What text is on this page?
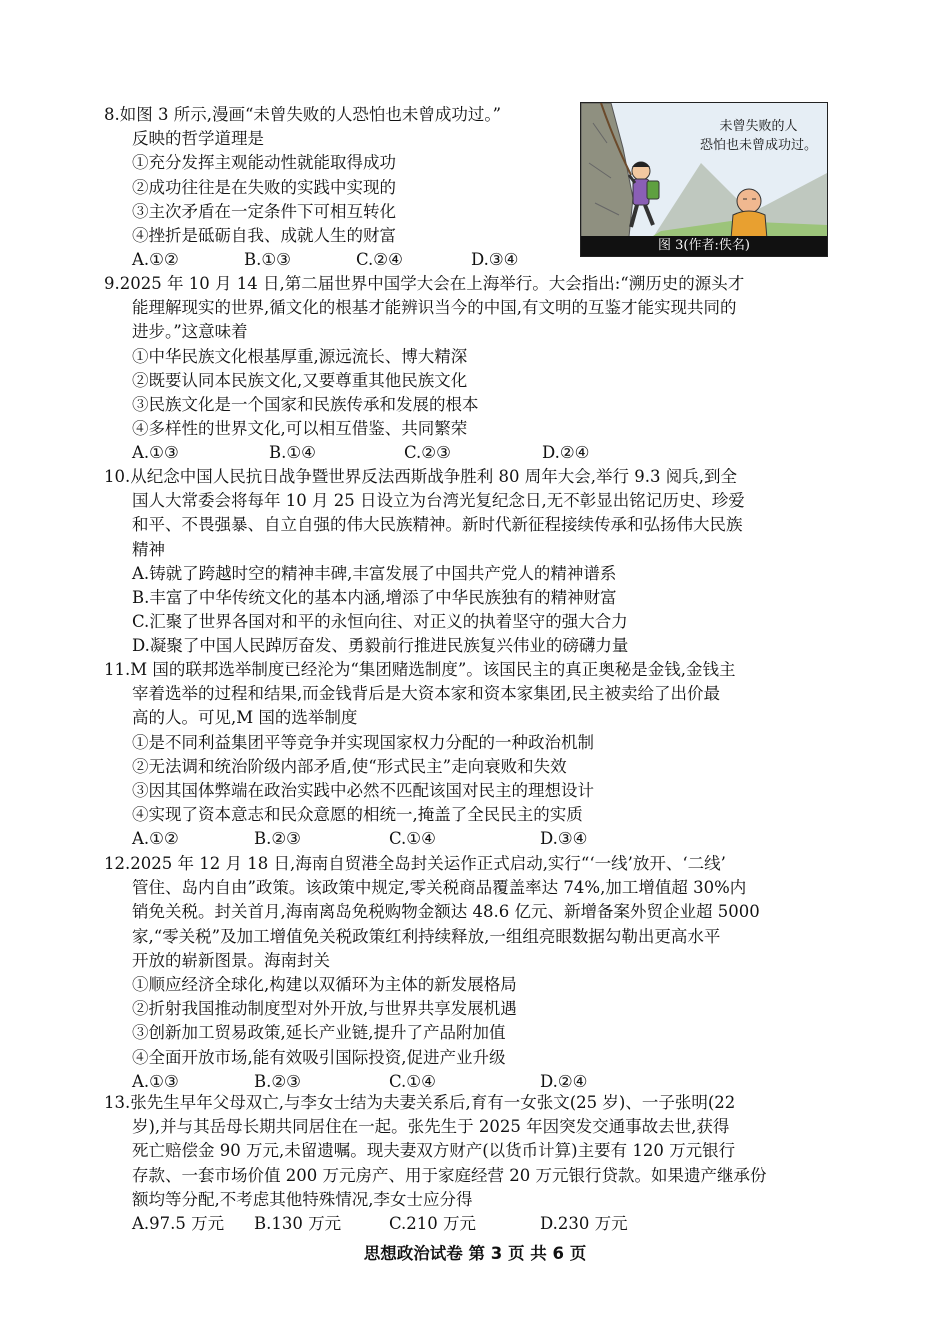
8.如图 3 所示,漫画“未曾失败的人恐怕也未曾成功过。”
反映的哲学道理是
①充分发挥主观能动性就能取得成功
②成功往往是在失败的实践中实现的
③主次矛盾在一定条件下可相互转化
④挫折是砥砺自我、成就人生的财富
A.①②	B.①③	C.②④	D.③④
未曾失败的人
恐怕也未曾成功过。
图 3(作者:佚名)
9.2025 年 10 月 14 日,第二届世界中国学大会在上海举行。大会指出:“溯历史的源头才
能理解现实的世界,循文化的根基才能辨识当今的中国,有文明的互鉴才能实现共同的
进步。”这意味着
①中华民族文化根基厚重,源远流长、博大精深
②既要认同本民族文化,又要尊重其他民族文化
③民族文化是一个国家和民族传承和发展的根本
④多样性的世界文化,可以相互借鉴、共同繁荣
A.①③	B.①④	C.②③	D.②④
10.从纪念中国人民抗日战争暨世界反法西斯战争胜利 80 周年大会,举行 9.3 阅兵,到全
国人大常委会将每年 10 月 25 日设立为台湾光复纪念日,无不彰显出铭记历史、珍爱
和平、不畏强暴、自立自强的伟大民族精神。新时代新征程接续传承和弘扬伟大民族
精神
A.铸就了跨越时空的精神丰碑,丰富发展了中国共产党人的精神谱系
B.丰富了中华传统文化的基本内涵,增添了中华民族独有的精神财富
C.汇聚了世界各国对和平的永恒向往、对正义的执着坚守的强大合力
D.凝聚了中国人民踔厉奋发、勇毅前行推进民族复兴伟业的磅礴力量
11.M 国的联邦选举制度已经沦为“集团赌选制度”。该国民主的真正奥秘是金钱,金钱主
宰着选举的过程和结果,而金钱背后是大资本家和资本家集团,民主被卖给了出价最
高的人。可见,M 国的选举制度
①是不同利益集团平等竞争并实现国家权力分配的一种政治机制
②无法调和统治阶级内部矛盾,使“形式民主”走向衰败和失效
③因其国体弊端在政治实践中必然不匹配该国对民主的理想设计
④实现了资本意志和民众意愿的相统一,掩盖了全民民主的实质
A.①②	B.②③	C.①④	D.③④
12.2025 年 12 月 18 日,海南自贸港全岛封关运作正式启动,实行“‘一线’放开、‘二线’
管住、岛内自由”政策。该政策中规定,零关税商品覆盖率达 74%,加工增值超 30%内
销免关税。封关首月,海南离岛免税购物金额达 48.6 亿元、新增备案外贸企业超 5000
家,“零关税”及加工增值免关税政策红利持续释放,一组组亮眼数据勾勒出更高水平
开放的崭新图景。海南封关
①顺应经济全球化,构建以双循环为主体的新发展格局
②折射我国推动制度型对外开放,与世界共享发展机遇
③创新加工贸易政策,延长产业链,提升了产品附加值
④全面开放市场,能有效吸引国际投资,促进产业升级
A.①③	B.②③	C.①④	D.②④
13.张先生早年父母双亡,与李女士结为夫妻关系后,育有一女张文(25 岁)、一子张明(22
岁),并与其岳母长期共同居住在一起。张先生于 2025 年因突发交通事故去世,获得
死亡赔偿金 90 万元,未留遗嘱。现夫妻双方财产(以货币计算)主要有 120 万元银行
存款、一套市场价值 200 万元房产、用于家庭经营 20 万元银行贷款。如果遗产继承份
额均等分配,不考虑其他特殊情况,李女士应分得
A.97.5 万元	B.130 万元	C.210 万元	D.230 万元
思想政治试卷 第 3 页 共 6 页
